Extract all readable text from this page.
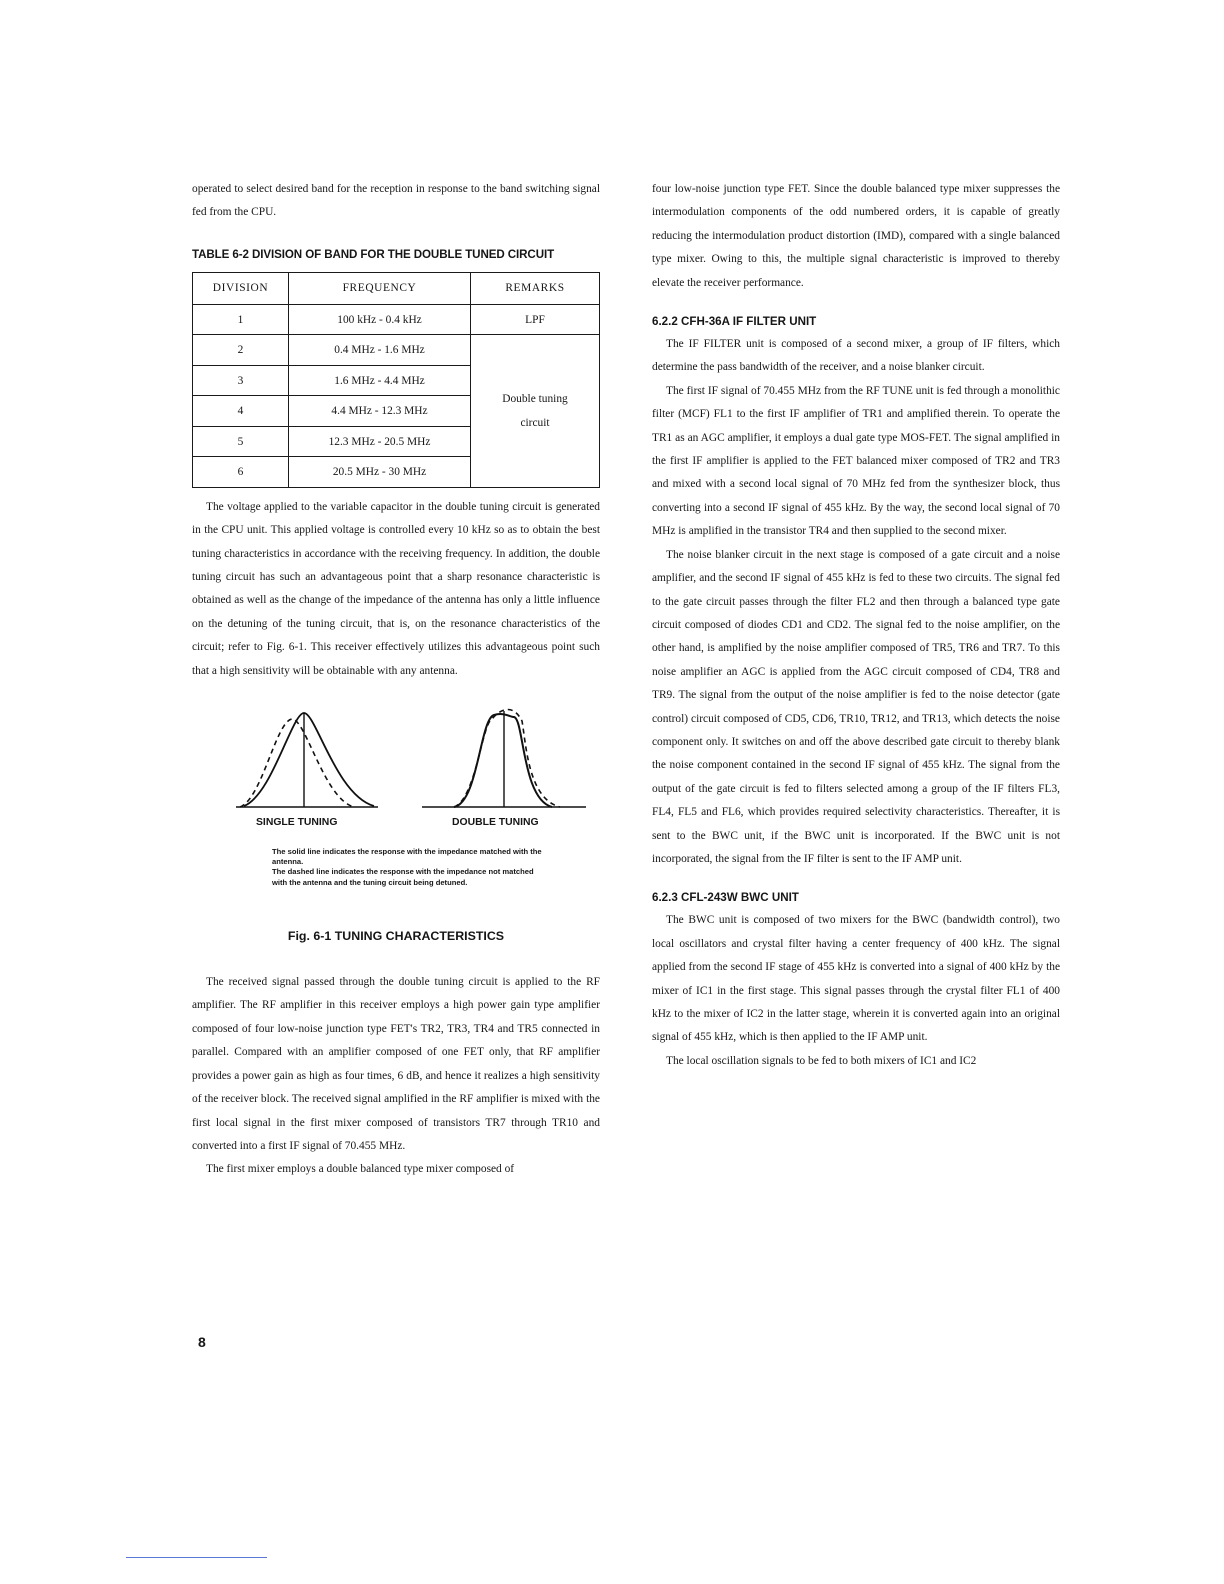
operated to select desired band for the reception in response to the band switching signal fed from the CPU.

TABLE 6-2 DIVISION OF BAND FOR THE DOUBLE TUNED CIRCUIT
DIVISION	FREQUENCY	REMARKS
1	100 kHz - 0.4 kHz	LPF
2	0.4 MHz - 1.6 MHz	Double tuning
circuit
3	1.6 MHz - 4.4 MHz	
4	4.4 MHz - 12.3 MHz	
5	12.3 MHz - 20.5 MHz	
6	20.5 MHz - 30 MHz	

The voltage applied to the variable capacitor in the double tuning circuit is generated in the CPU unit. This applied voltage is controlled every 10 kHz so as to obtain the best tuning characteristics in accordance with the receiving frequency. In addition, the double tuning circuit has such an advantageous point that a sharp resonance characteristic is obtained as well as the change of the impedance of the antenna has only a little influence on the detuning of the tuning circuit, that is, on the resonance characteristics of the circuit; refer to Fig. 6-1. This receiver effectively utilizes this advantageous point such that a high sensitivity will be obtainable with any antenna.

SINGLE TUNING	DOUBLE TUNING
The solid line indicates the response with the impedance matched with the antenna.
The dashed line indicates the response with the impedance not matched with the antenna and the tuning circuit being detuned.
Fig. 6-1 TUNING CHARACTERISTICS

The received signal passed through the double tuning circuit is applied to the RF amplifier. The RF amplifier in this receiver employs a high power gain type amplifier composed of four low-noise junction type FET's TR2, TR3, TR4 and TR5 connected in parallel. Compared with an amplifier composed of one FET only, that RF amplifier provides a power gain as high as four times, 6 dB, and hence it realizes a high sensitivity of the receiver block. The received signal amplified in the RF amplifier is mixed with the first local signal in the first mixer composed of transistors TR7 through TR10 and converted into a first IF signal of 70.455 MHz.

The first mixer employs a double balanced type mixer composed of

four low-noise junction type FET. Since the double balanced type mixer suppresses the intermodulation components of the odd numbered orders, it is capable of greatly reducing the intermodulation product distortion (IMD), compared with a single balanced type mixer. Owing to this, the multiple signal characteristic is improved to thereby elevate the receiver performance.

6.2.2 CFH-36A IF FILTER UNIT

The IF FILTER unit is composed of a second mixer, a group of IF filters, which determine the pass bandwidth of the receiver, and a noise blanker circuit.

The first IF signal of 70.455 MHz from the RF TUNE unit is fed through a monolithic filter (MCF) FL1 to the first IF amplifier of TR1 and amplified therein. To operate the TR1 as an AGC amplifier, it employs a dual gate type MOS-FET. The signal amplified in the first IF amplifier is applied to the FET balanced mixer composed of TR2 and TR3 and mixed with a second local signal of 70 MHz fed from the synthesizer block, thus converting into a second IF signal of 455 kHz. By the way, the second local signal of 70 MHz is amplified in the transistor TR4 and then supplied to the second mixer.

The noise blanker circuit in the next stage is composed of a gate circuit and a noise amplifier, and the second IF signal of 455 kHz is fed to these two circuits. The signal fed to the gate circuit passes through the filter FL2 and then through a balanced type gate circuit composed of diodes CD1 and CD2. The signal fed to the noise amplifier, on the other hand, is amplified by the noise amplifier composed of TR5, TR6 and TR7. To this noise amplifier an AGC is applied from the AGC circuit composed of CD4, TR8 and TR9. The signal from the output of the noise amplifier is fed to the noise detector (gate control) circuit composed of CD5, CD6, TR10, TR12, and TR13, which detects the noise component only. It switches on and off the above described gate circuit to thereby blank the noise component contained in the second IF signal of 455 kHz. The signal from the output of the gate circuit is fed to filters selected among a group of the IF filters FL3, FL4, FL5 and FL6, which provides required selectivity characteristics. Thereafter, it is sent to the BWC unit, if the BWC unit is incorporated. If the BWC unit is not incorporated, the signal from the IF filter is sent to the IF AMP unit.

6.2.3 CFL-243W BWC UNIT

The BWC unit is composed of two mixers for the BWC (bandwidth control), two local oscillators and crystal filter having a center frequency of 400 kHz. The signal applied from the second IF stage of 455 kHz is converted into a signal of 400 kHz by the mixer of IC1 in the first stage. This signal passes through the crystal filter FL1 of 400 kHz to the mixer of IC2 in the latter stage, wherein it is converted again into an original signal of 455 kHz, which is then applied to the IF AMP unit.

The local oscillation signals to be fed to both mixers of IC1 and IC2

8
